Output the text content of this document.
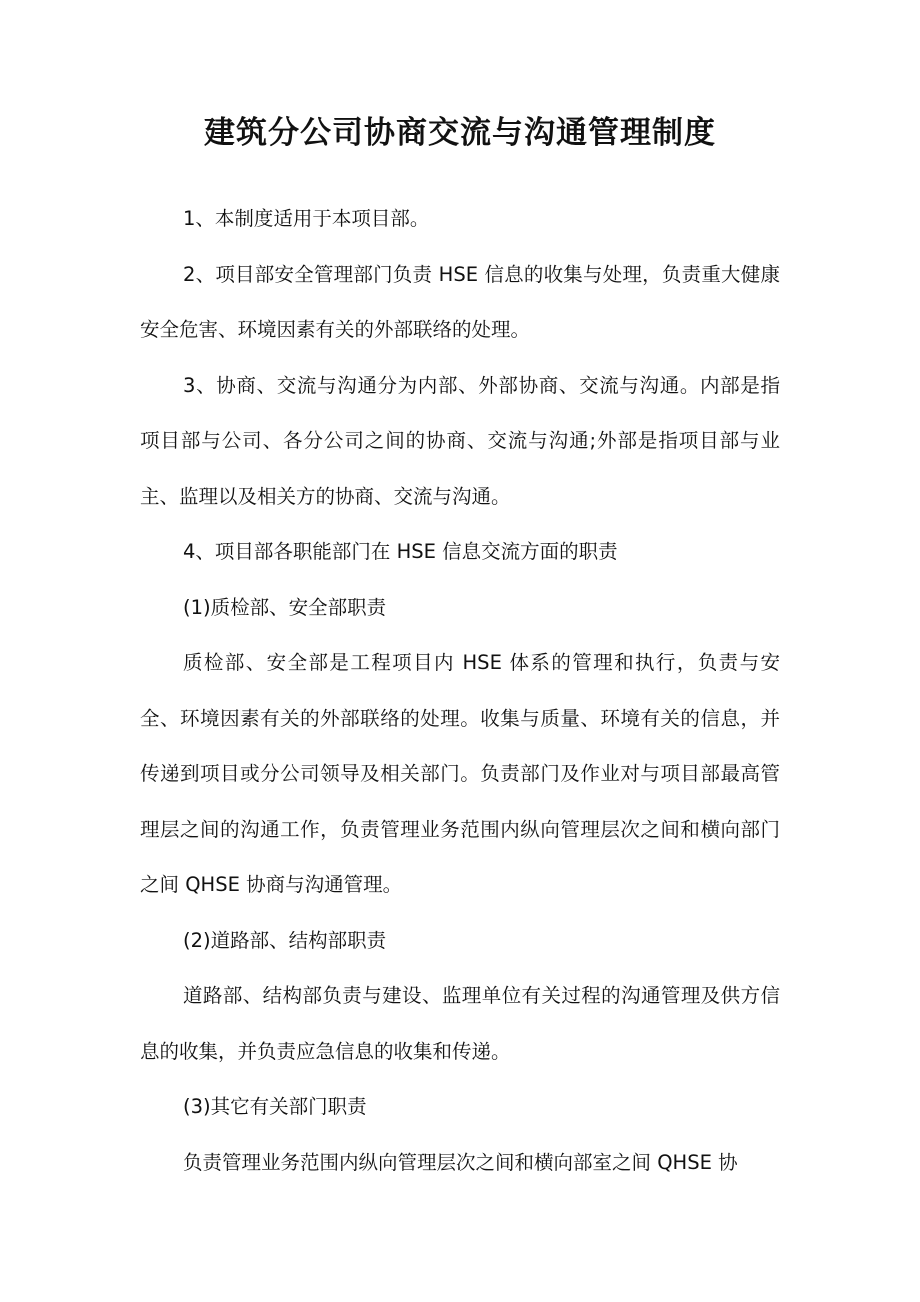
建筑分公司协商交流与沟通管理制度

1、本制度适用于本项目部。

2、项目部安全管理部门负责 HSE 信息的收集与处理，负责重大健康安全危害、环境因素有关的外部联络的处理。

3、协商、交流与沟通分为内部、外部协商、交流与沟通。内部是指项目部与公司、各分公司之间的协商、交流与沟通;外部是指项目部与业主、监理以及相关方的协商、交流与沟通。

4、项目部各职能部门在 HSE 信息交流方面的职责

(1)质检部、安全部职责

质检部、安全部是工程项目内 HSE 体系的管理和执行，负责与安全、环境因素有关的外部联络的处理。收集与质量、环境有关的信息，并传递到项目或分公司领导及相关部门。负责部门及作业对与项目部最高管理层之间的沟通工作，负责管理业务范围内纵向管理层次之间和横向部门之间 QHSE 协商与沟通管理。

(2)道路部、结构部职责

道路部、结构部负责与建设、监理单位有关过程的沟通管理及供方信息的收集，并负责应急信息的收集和传递。

(3)其它有关部门职责

负责管理业务范围内纵向管理层次之间和横向部室之间 QHSE 协
